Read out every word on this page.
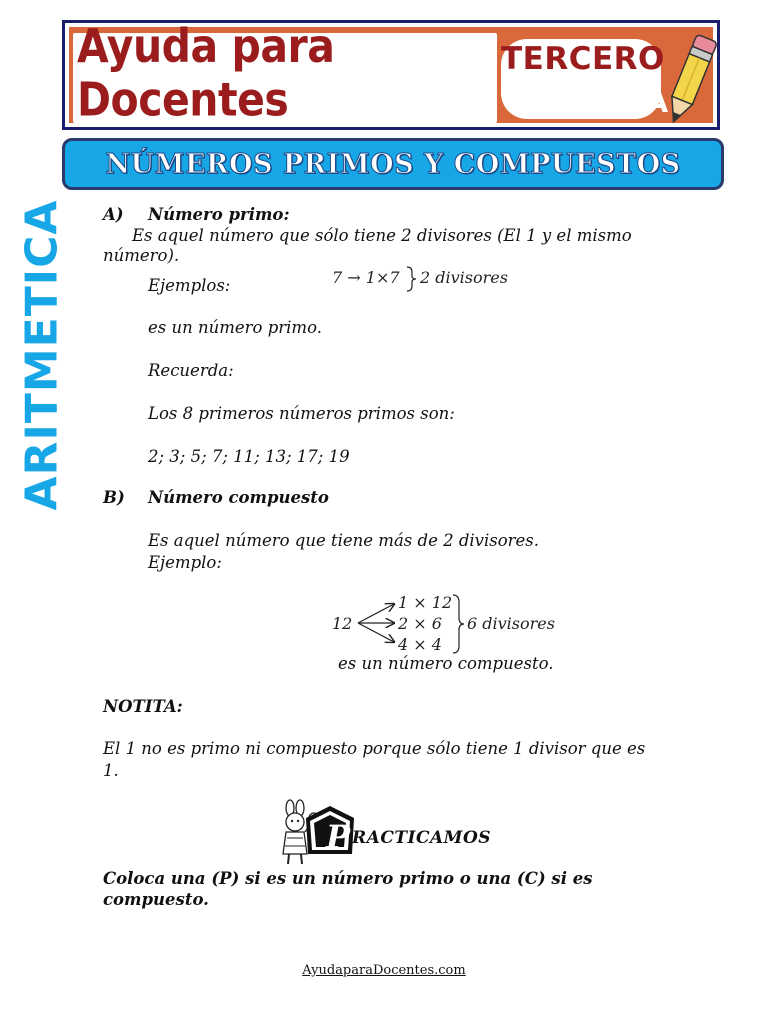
Ayuda para Docentes
TERCERO
PRIMARIA
NÚMEROS PRIMOS Y COMPUESTOS
ARITMETICA A) Número primo:
Es aquel número que sólo tiene 2 divisores (El 1 y el mismo
número).
Ejemplos:	7 → 1×7 2 divisores
es un número primo.
Recuerda:
Los 8 primeros números primos son:
2; 3; 5; 7; 11; 13; 17; 19
B) Número compuesto
Es aquel número que tiene más de 2 divisores.
Ejemplo:
12
1 × 12
2 × 6
4 × 4
6 divisores
es un número compuesto.
NOTITA:
El 1 no es primo ni compuesto porque sólo tiene 1 divisor que es
1.
P RACTICAMOS
Coloca una (P) si es un número primo o una (C) si es
compuesto.
AyudaparaDocentes.com
